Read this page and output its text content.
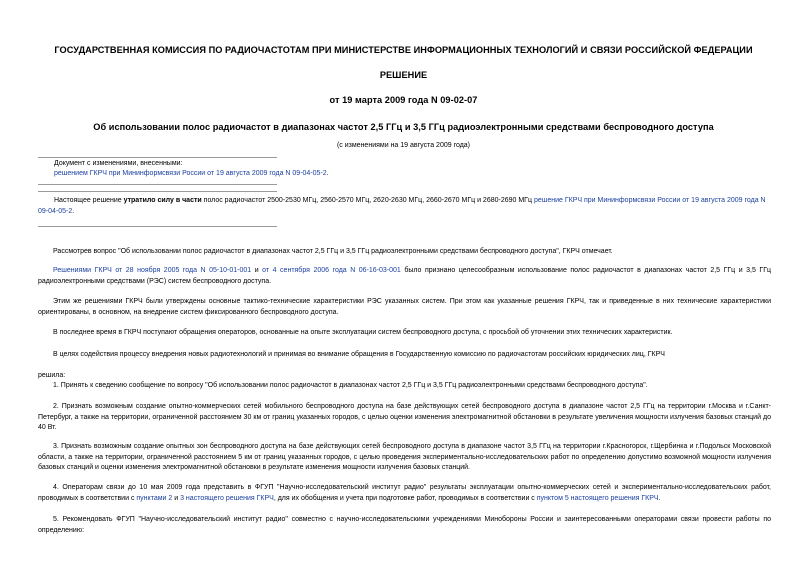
ГОСУДАРСТВЕННАЯ КОМИССИЯ ПО РАДИОЧАСТОТАМ ПРИ МИНИСТЕРСТВЕ ИНФОРМАЦИОННЫХ ТЕХНОЛОГИЙ И СВЯЗИ РОССИЙСКОЙ ФЕДЕРАЦИИ
РЕШЕНИЕ
от 19 марта 2009 года N 09-02-07
Об использовании полос радиочастот в диапазонах частот 2,5 ГГц и 3,5 ГГц радиоэлектронными средствами беспроводного доступа
(с изменениями на 19 августа 2009 года)
Документ с изменениями, внесенными:
решением ГКРЧ при Мининформсвязи России от 19 августа 2009 года N 09-04-05-2.
Настоящее решение утратило силу в части полос радиочастот 2500-2530 МГц, 2560-2570 МГц, 2620-2630 МГц, 2660-2670 МГц и 2680-2690 МГц решение ГКРЧ при Мининформсвязи России от 19 августа 2009 года N 09-04-05-2.
Рассмотрев вопрос "Об использовании полос радиочастот в диапазонах частот 2,5 ГГц и 3,5 ГГц радиоэлектронными средствами беспроводного доступа", ГКРЧ отмечает.
Решениями ГКРЧ от 28 ноября 2005 года N 05-10-01-001 и от 4 сентября 2006 года N 06-16-03-001 было признано целесообразным использование полос радиочастот в диапазонах частот 2,5 ГГц и 3,5 ГГц радиоэлектронными средствами (РЭС) систем беспроводного доступа.
Этим же решениями ГКРЧ были утверждены основные тактико-технические характеристики РЭС указанных систем. При этом как указанные решения ГКРЧ, так и приведенные в них технические характеристики ориентированы, в основном, на внедрение систем фиксированного беспроводного доступа.
В последнее время в ГКРЧ поступают обращения операторов, основанные на опыте эксплуатации систем беспроводного доступа, с просьбой об уточнении этих технических характеристик.
В целях содействия процессу внедрения новых радиотехнологий и принимая во внимание обращения в Государственную комиссию по радиочастотам российских юридических лиц, ГКРЧ
решила:
1. Принять к сведению сообщение по вопросу "Об использовании полос радиочастот в диапазонах частот 2,5 ГГц и 3,5 ГГц радиоэлектронными средствами беспроводного доступа".
2. Признать возможным создание опытно-коммерческих сетей мобильного беспроводного доступа на базе действующих сетей беспроводного доступа в диапазоне частот 2,5 ГГц на территории г.Москва и г.Санкт-Петербург, а также на территории, ограниченной расстоянием 30 км от границ указанных городов, с целью оценки изменения электромагнитной обстановки в результате увеличения мощности излучения базовых станций до 40 Вт.
3. Признать возможным создание опытных зон беспроводного доступа на базе действующих сетей беспроводного доступа в диапазоне частот 3,5 ГГц на территории г.Красногорск, г.Щербинка и г.Подольск Московской области, а также на территории, ограниченной расстоянием 5 км от границ указанных городов, с целью проведения экспериментально-исследовательских работ по определению допустимо возможной мощности излучения базовых станций и оценки изменения электромагнитной обстановки в результате изменения мощности излучения базовых станций.
4. Операторам связи до 10 мая 2009 года представить в ФГУП "Научно-исследовательский институт радио" результаты эксплуатации опытно-коммерческих сетей и экспериментально-исследовательских работ, проводимых в соответствии с пунктами 2 и 3 настоящего решения ГКРЧ, для их обобщения и учета при подготовке работ, проводимых в соответствии с пунктом 5 настоящего решения ГКРЧ.
5. Рекомендовать ФГУП "Научно-исследовательский институт радио" совместно с научно-исследовательскими учреждениями Минобороны России и заинтересованными операторами связи провести работы по определению:
